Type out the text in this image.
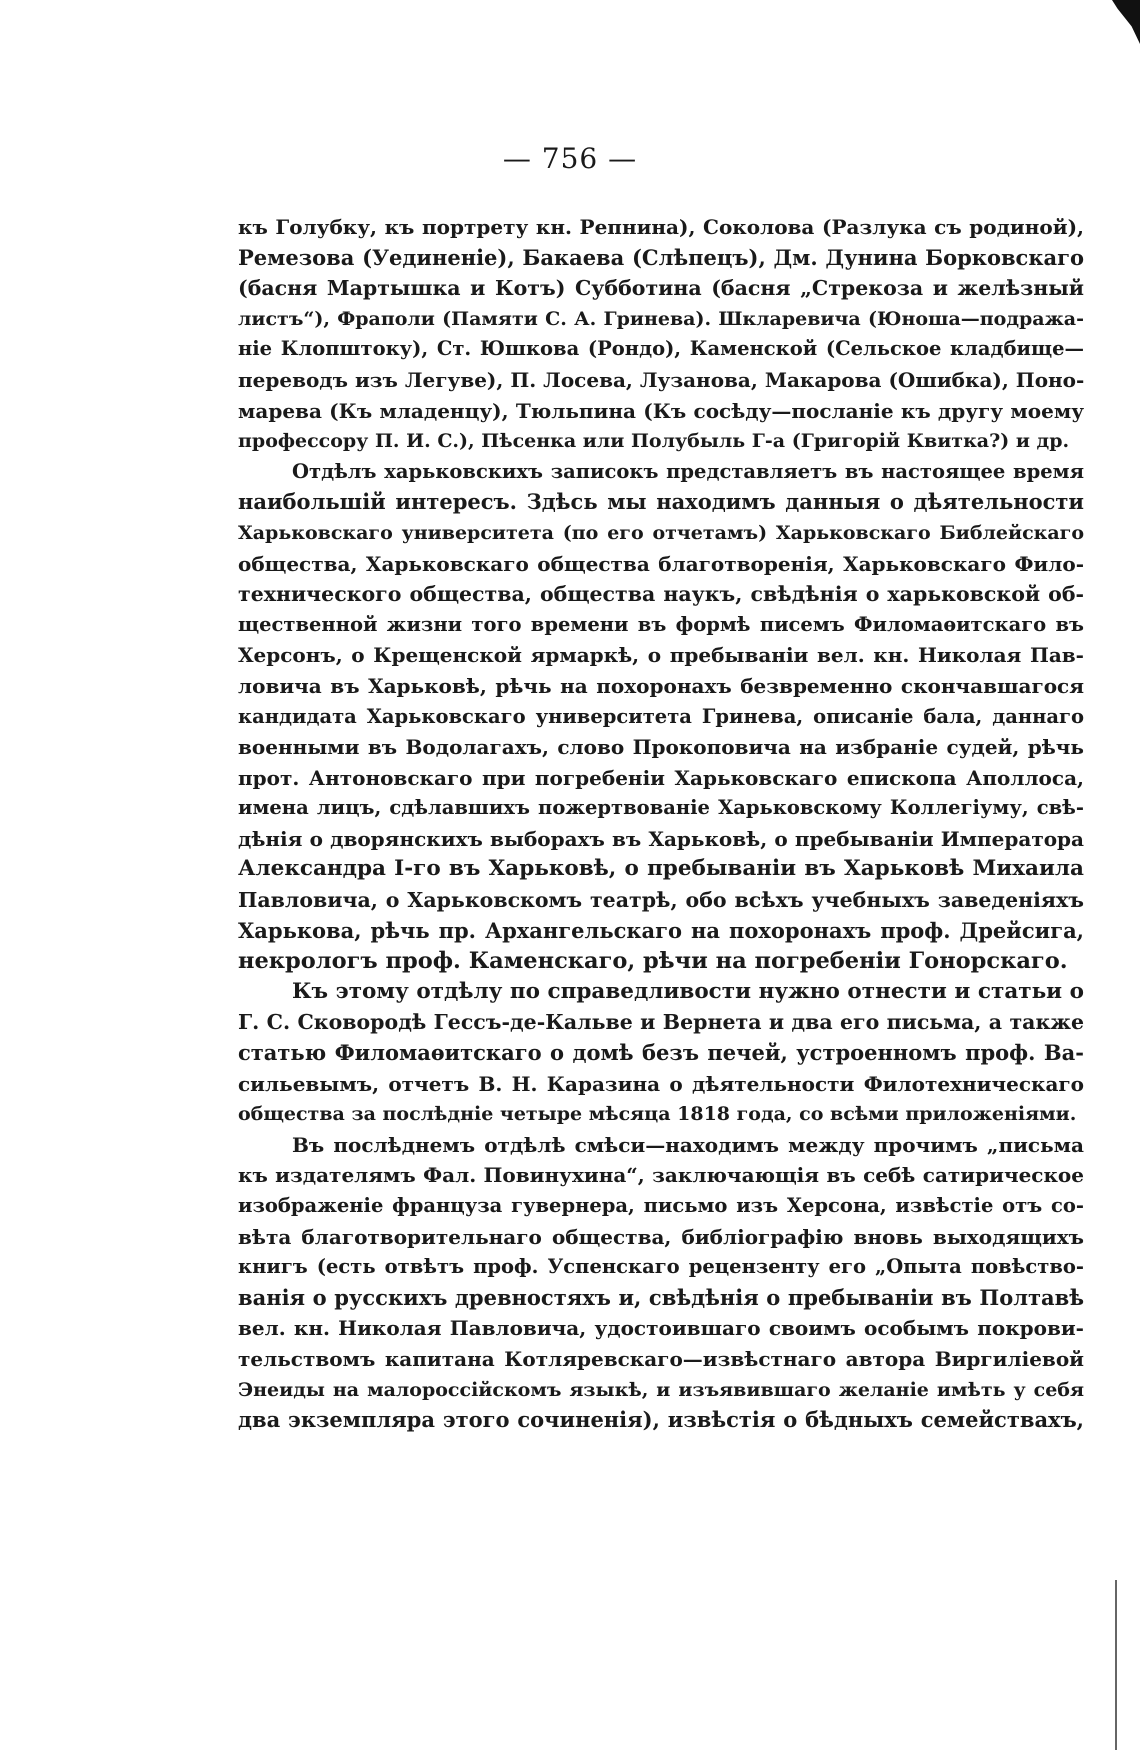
— 756 —
къ Голубку, къ портрету кн. Репнина), Соколова (Разлука съ родиной),
Ремезова (Уединеніе), Бакаева (Слѣпецъ), Дм. Дунина Борковскаго
(басня Мартышка и Котъ) Субботина (басня „Стрекоза и желѣзный
листъ“), Фраполи (Памяти С. А. Гринева). Шкларевича (Юноша—подража-
ніе Клопштоку), Ст. Юшкова (Рондо), Каменской (Сельское кладбище—
переводъ изъ Легуве), П. Лосева, Лузанова, Макарова (Ошибка), Поно-
марева (Къ младенцу), Тюльпина (Къ сосѣду—посланіе къ другу моему
профессору П. И. С.), Пѣсенка или Полубыль Г-а (Григорій Квитка?) и др.
Отдѣлъ харьковскихъ записокъ представляетъ въ настоящее время
наибольшій интересъ. Здѣсь мы находимъ данныя о дѣятельности
Харьковскаго университета (по его отчетамъ) Харьковскаго Библейскаго
общества, Харьковскаго общества благотворенія, Харьковскаго Фило-
технического общества, общества наукъ, свѣдѣнія о харьковской об-
щественной жизни того времени въ формѣ писемъ Филомаѳитскаго въ
Херсонъ, о Крещенской ярмаркѣ, о пребываніи вел. кн. Николая Пав-
ловича въ Харьковѣ, рѣчь на похоронахъ безвременно скончавшагося
кандидата Харьковскаго университета Гринева, описаніе бала, даннаго
военными въ Водолагахъ, слово Прокоповича на избраніе судей, рѣчь
прот. Антоновскаго при погребеніи Харьковскаго епископа Аполлоса,
имена лицъ, сдѣлавшихъ пожертвованіе Харьковскому Коллегіуму, свѣ-
дѣнія о дворянскихъ выборахъ въ Харьковѣ, о пребываніи Императора
Александра I-го въ Харьковѣ, о пребываніи въ Харьковѣ Михаила
Павловича, о Харьковскомъ театрѣ, обо всѣхъ учебныхъ заведеніяхъ
Харькова, рѣчь пр. Архангельскаго на похоронахъ проф. Дрейсига,
некрологъ проф. Каменскаго, рѣчи на погребеніи Гонорскаго.
Къ этому отдѣлу по справедливости нужно отнести и статьи о
Г. С. Сковородѣ Гессъ-де-Кальве и Вернета и два его письма, а также
статью Филомаѳитскаго о домѣ безъ печей, устроенномъ проф. Ва-
сильевымъ, отчетъ В. Н. Каразина о дѣятельности Филотехническаго
общества за послѣдніе четыре мѣсяца 1818 года, со всѣми приложеніями.
Въ послѣднемъ отдѣлѣ смѣси—находимъ между прочимъ „письма
къ издателямъ Фал. Повинухина“, заключающія въ себѣ сатирическое
изображеніе француза гувернера, письмо изъ Херсона, извѣстіе отъ со-
вѣта благотворительнаго общества, библіографію вновь выходящихъ
книгъ (есть отвѣтъ проф. Успенскаго рецензенту его „Опыта повѣство-
ванія о русскихъ древностяхъ и, свѣдѣнія о пребываніи въ Полтавѣ
вел. кн. Николая Павловича, удостоившаго своимъ особымъ покрови-
тельствомъ капитана Котляревскаго—извѣстнаго автора Виргиліевой
Энеиды на малороссійскомъ языкѣ, и изъявившаго желаніе имѣть у себя
два экземпляра этого сочиненія), извѣстія о бѣдныхъ семействахъ,
